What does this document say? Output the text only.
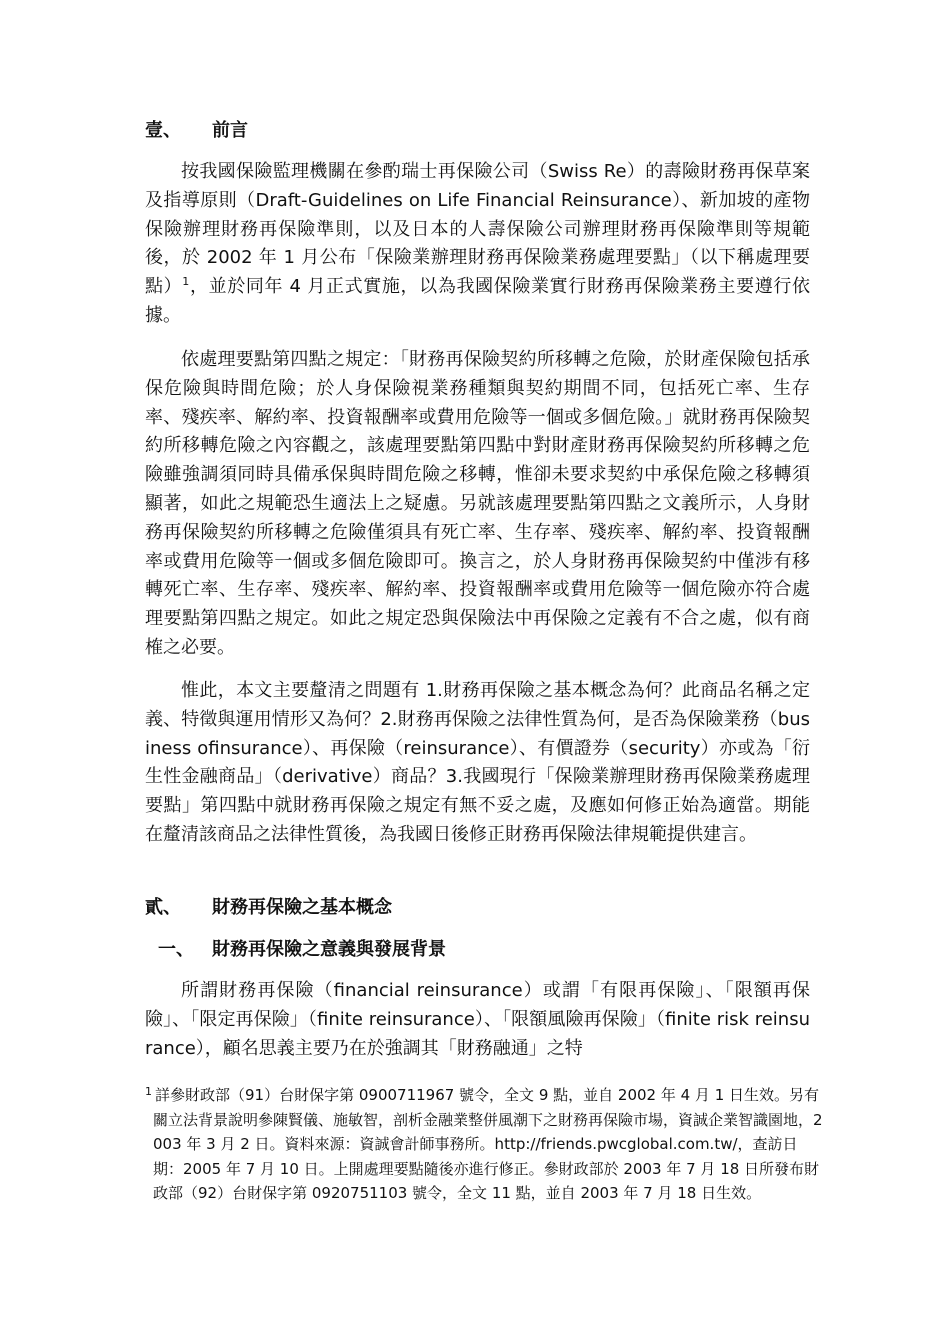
壹、 前言
按我國保險監理機關在參酌瑞士再保險公司（Swiss Re）的壽險財務再保草案及指導原則（Draft-Guidelines on Life Financial Reinsurance）、新加坡的產物保險辦理財務再保險準則，以及日本的人壽保險公司辦理財務再保險準則等規範後，於 2002 年 1 月公布「保險業辦理財務再保險業務處理要點」（以下稱處理要點）$^1$，並於同年 4 月正式實施，以為我國保險業實行財務再保險業務主要遵行依據。
依處理要點第四點之規定：「財務再保險契約所移轉之危險，於財產保險包括承保危險與時間危險；於人身保險視業務種類與契約期間不同，包括死亡率、生存率、殘疾率、解約率、投資報酬率或費用危險等一個或多個危險。」就財務再保險契約所移轉危險之內容觀之，該處理要點第四點中對財產財務再保險契約所移轉之危險雖強調須同時具備承保與時間危險之移轉，惟卻未要求契約中承保危險之移轉須顯著，如此之規範恐生適法上之疑慮。另就該處理要點第四點之文義所示，人身財務再保險契約所移轉之危險僅須具有死亡率、生存率、殘疾率、解約率、投資報酬率或費用危險等一個或多個危險即可。換言之，於人身財務再保險契約中僅涉有移轉死亡率、生存率、殘疾率、解約率、投資報酬率或費用危險等一個危險亦符合處理要點第四點之規定。如此之規定恐與保險法中再保險之定義有不合之處，似有商榷之必要。
惟此，本文主要釐清之問題有 1.財務再保險之基本概念為何？此商品名稱之定義、特徵與運用情形又為何？2.財務再保險之法律性質為何，是否為保險業務（business ofinsurance）、再保險（reinsurance）、有價證券（security）亦或為「衍生性金融商品」（derivative）商品？3.我國現行「保險業辦理財務再保險業務處理要點」第四點中就財務再保險之規定有無不妥之處，及應如何修正始為適當。期能在釐清該商品之法律性質後，為我國日後修正財務再保險法律規範提供建言。
貳、 財務再保險之基本概念
一、 財務再保險之意義與發展背景
所謂財務再保險（financial reinsurance）或謂「有限再保險」、「限額再保險」、「限定再保險」（finite reinsurance）、「限額風險再保險」（finite risk reinsurance），顧名思義主要乃在於強調其「財務融通」之特
$^1$ 詳參財政部（91）台財保字第 0900711967 號令，全文 9 點，並自 2002 年 4 月 1 日生效。另有關立法背景說明參陳賢儀、施敏智，剖析金融業整併風潮下之財務再保險市場，資誠企業智識園地，2003 年 3 月 2 日。資料來源：資誠會計師事務所。http://friends.pwcglobal.com.tw/，查訪日期：2005 年 7 月 10 日。上開處理要點隨後亦進行修正。參財政部於 2003 年 7 月 18 日所發布財政部（92）台財保字第 0920751103 號令，全文 11 點，並自 2003 年 7 月 18 日生效。
